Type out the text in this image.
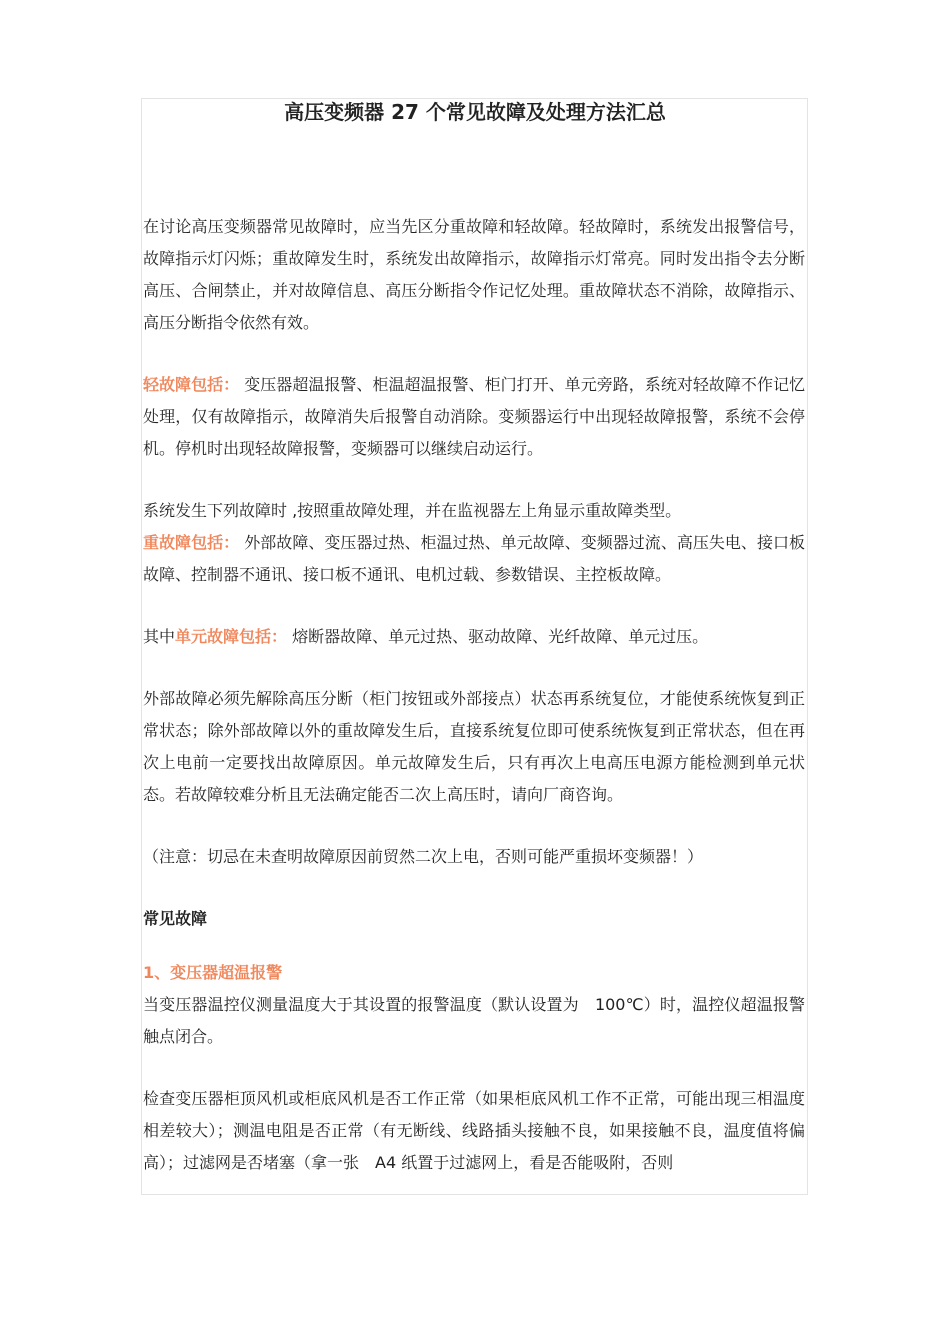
高压变频器 27 个常见故障及处理方法汇总

在讨论高压变频器常见故障时，应当先区分重故障和轻故障。轻故障时，系统发出报警信号，故障指示灯闪烁；重故障发生时，系统发出故障指示，故障指示灯常亮。同时发出指令去分断高压、合闸禁止，并对故障信息、高压分断指令作记忆处理。重故障状态不消除，故障指示、高压分断指令依然有效。

轻故障包括： 变压器超温报警、柜温超温报警、柜门打开、单元旁路，系统对轻故障不作记忆处理，仅有故障指示，故障消失后报警自动消除。变频器运行中出现轻故障报警，系统不会停机。停机时出现轻故障报警，变频器可以继续启动运行。

系统发生下列故障时 ,按照重故障处理，并在监视器左上角显示重故障类型。

重故障包括： 外部故障、变压器过热、柜温过热、单元故障、变频器过流、高压失电、接口板故障、控制器不通讯、接口板不通讯、电机过载、参数错误、主控板故障。

其中单元故障包括： 熔断器故障、单元过热、驱动故障、光纤故障、单元过压。

外部故障必须先解除高压分断（柜门按钮或外部接点）状态再系统复位，才能使系统恢复到正常状态；除外部故障以外的重故障发生后，直接系统复位即可使系统恢复到正常状态，但在再次上电前一定要找出故障原因。单元故障发生后，只有再次上电高压电源方能检测到单元状态。若故障较难分析且无法确定能否二次上高压时，请向厂商咨询。

（注意：切忌在未查明故障原因前贸然二次上电，否则可能严重损坏变频器！）

常见故障

1、变压器超温报警

当变压器温控仪测量温度大于其设置的报警温度（默认设置为　100℃）时，温控仪超温报警触点闭合。

检查变压器柜顶风机或柜底风机是否工作正常（如果柜底风机工作不正常，可能出现三相温度相差较大）；测温电阻是否正常（有无断线、线路插头接触不良，如果接触不良，温度值将偏高）；过滤网是否堵塞（拿一张　A4 纸置于过滤网上，看是否能吸附，否则
